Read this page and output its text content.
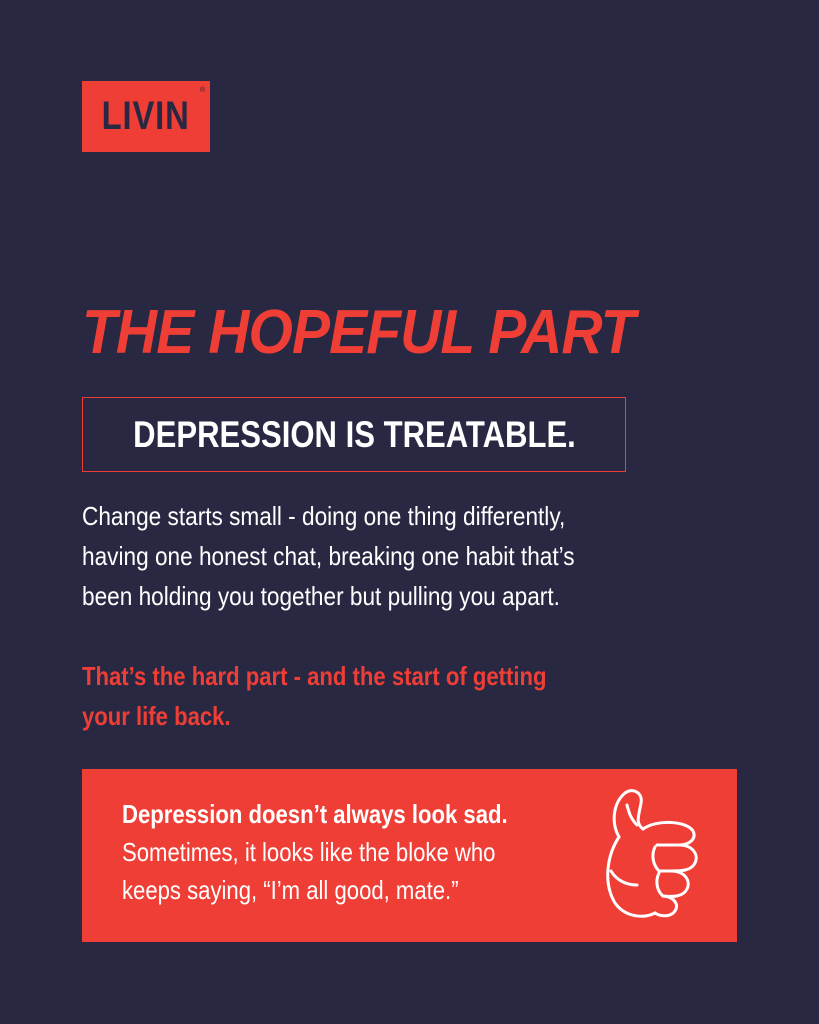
LIVIN
®
THE HOPEFUL PART
DEPRESSION IS TREATABLE.
Change starts small - doing one thing differently,
having one honest chat, breaking one habit that’s
been holding you together but pulling you apart.
That’s the hard part - and the start of getting
your life back.
Depression doesn’t always look sad.
Sometimes, it looks like the bloke who
keeps saying, “I’m all good, mate.”
